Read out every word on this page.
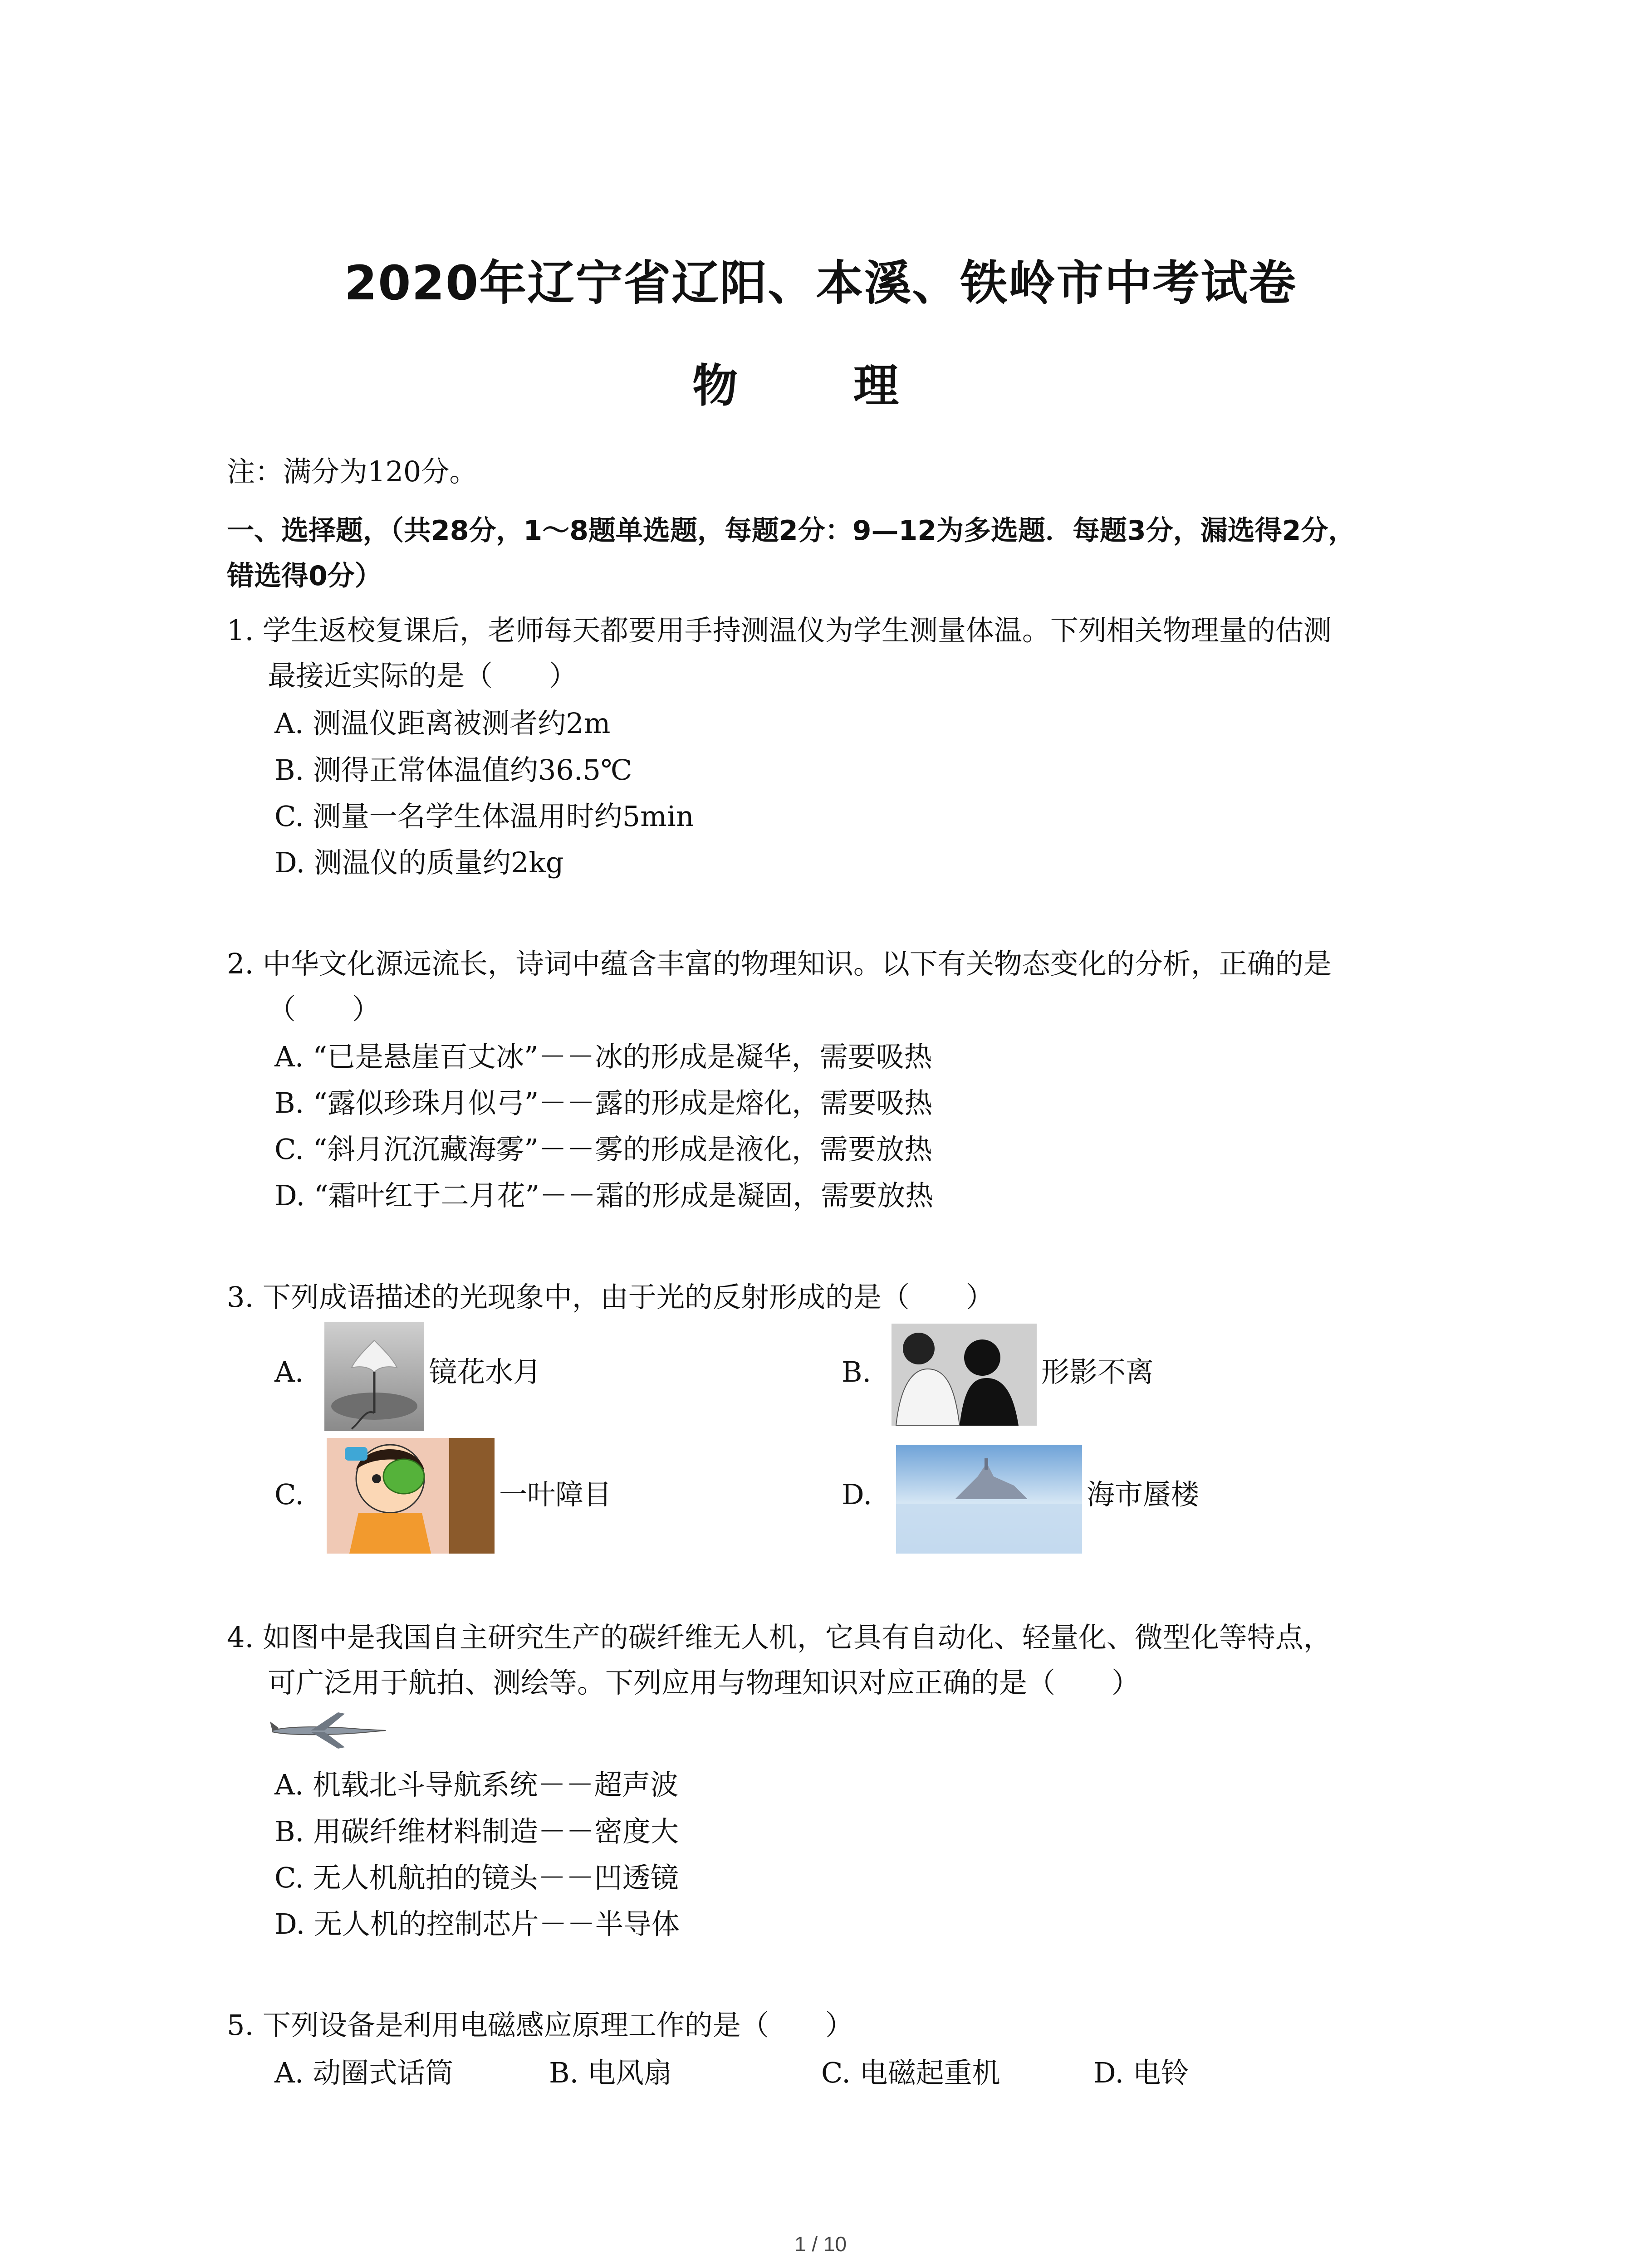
2020年辽宁省辽阳、本溪、铁岭市中考试卷
物 理
注：满分为120分。
一、选择题，（共28分，1～8题单选题，每题2分：9—12为多选题．每题3分，漏选得2分，
错选得0分）
1. 学生返校复课后，老师每天都要用手持测温仪为学生测量体温。下列相关物理量的估测
最接近实际的是（　　）
A. 测温仪距离被测者约2m
B. 测得正常体温值约36.5℃
C. 测量一名学生体温用时约5min
D. 测温仪的质量约2kg
2. 中华文化源远流长，诗词中蕴含丰富的物理知识。以下有关物态变化的分析，正确的是
（　　）
A. “已是悬崖百丈冰”－－冰的形成是凝华，需要吸热
B. “露似珍珠月似弓”－－露的形成是熔化，需要吸热
C. “斜月沉沉藏海雾”－－雾的形成是液化，需要放热
D. “霜叶红于二月花”－－霜的形成是凝固，需要放热
3. 下列成语描述的光现象中，由于光的反射形成的是（　　）
A.	镜花水月	B.	形影不离
C.	一叶障目	D.	海市蜃楼
4. 如图中是我国自主研究生产的碳纤维无人机，它具有自动化、轻量化、微型化等特点，
可广泛用于航拍、测绘等。下列应用与物理知识对应正确的是（　　）
A. 机载北斗导航系统－－超声波
B. 用碳纤维材料制造－－密度大
C. 无人机航拍的镜头－－凹透镜
D. 无人机的控制芯片－－半导体
5. 下列设备是利用电磁感应原理工作的是（　　）
A. 动圈式话筒	B. 电风扇	C. 电磁起重机	D. 电铃
1 / 10
